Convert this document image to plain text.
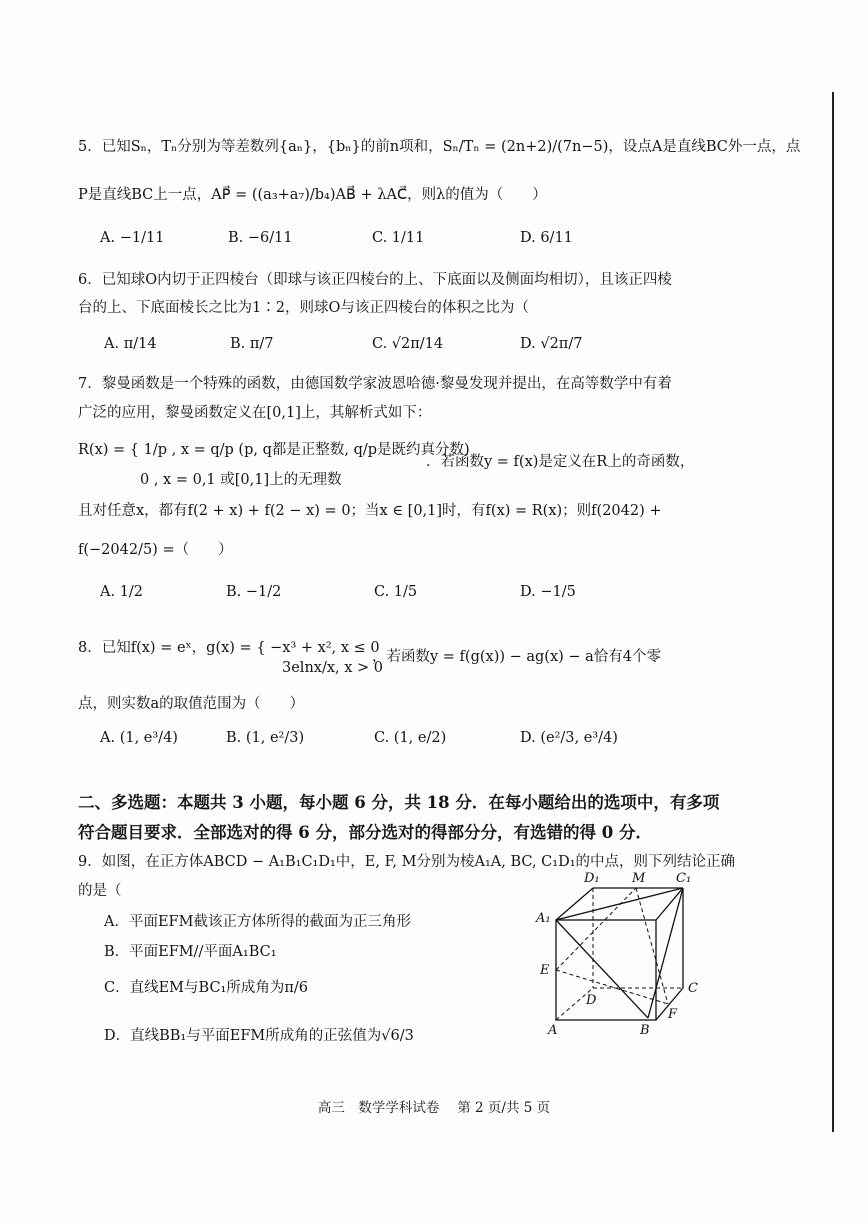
5．已知Sₙ，Tₙ分别为等差数列{aₙ}，{bₙ}的前n项和，Sₙ/Tₙ = (2n+2)/(7n−5)，设点A是直线BC外一点，点
P是直线BC上一点，AP⃗ = ((a₃+a₇)/b₄)AB⃗ + λAC⃗，则λ的值为（　　）
A. −1/11	B. −6/11	C. 1/11	D. 6/11
6．已知球O内切于正四棱台（即球与该正四棱台的上、下底面以及侧面均相切），且该正四棱
台的上、下底面棱长之比为1∶2，则球O与该正四棱台的体积之比为（
A. π/14	B. π/7	C. √2π/14	D. √2π/7
7．黎曼函数是一个特殊的函数，由德国数学家波恩哈德·黎曼发现并提出，在高等数学中有着
广泛的应用，黎曼函数定义在[0,1]上，其解析式如下：
R(x) = { 1/p , x = q/p (p, q都是正整数, q/p是既约真分数)
0 , x = 0,1 或[0,1]上的无理数
．若函数y = f(x)是定义在R上的奇函数，
且对任意x，都有f(2 + x) + f(2 − x) = 0；当x ∈ [0,1]时，有f(x) = R(x)；则f(2042) +
f(−2042/5) =（　　）
A. 1/2	B. −1/2	C. 1/5	D. −1/5
8．已知f(x) = eˣ，g(x) = { −x³ + x², x ≤ 0
3elnx/x, x > 0
，若函数y = f(g(x)) − ag(x) − a恰有4个零
点，则实数a的取值范围为（　　）
A. (1, e³/4)	B. (1, e²/3)	C. (1, e/2)	D. (e²/3, e³/4)
二、多选题：本题共 3 小题，每小题 6 分，共 18 分．在每小题给出的选项中，有多项
符合题目要求．全部选对的得 6 分，部分选对的得部分分，有选错的得 0 分．
9．如图，在正方体ABCD − A₁B₁C₁D₁中，E, F, M分别为棱A₁A, BC, C₁D₁的中点，则下列结论正确
的是（
A．平面EFM截该正方体所得的截面为正三角形
B．平面EFM//平面A₁BC₁
C．直线EM与BC₁所成角为π/6
D．直线BB₁与平面EFM所成角的正弦值为√6/3
D₁ M C₁
A₁
E
D
C
F
A	B
高三　数学学科试卷　 第 2 页/共 5 页
